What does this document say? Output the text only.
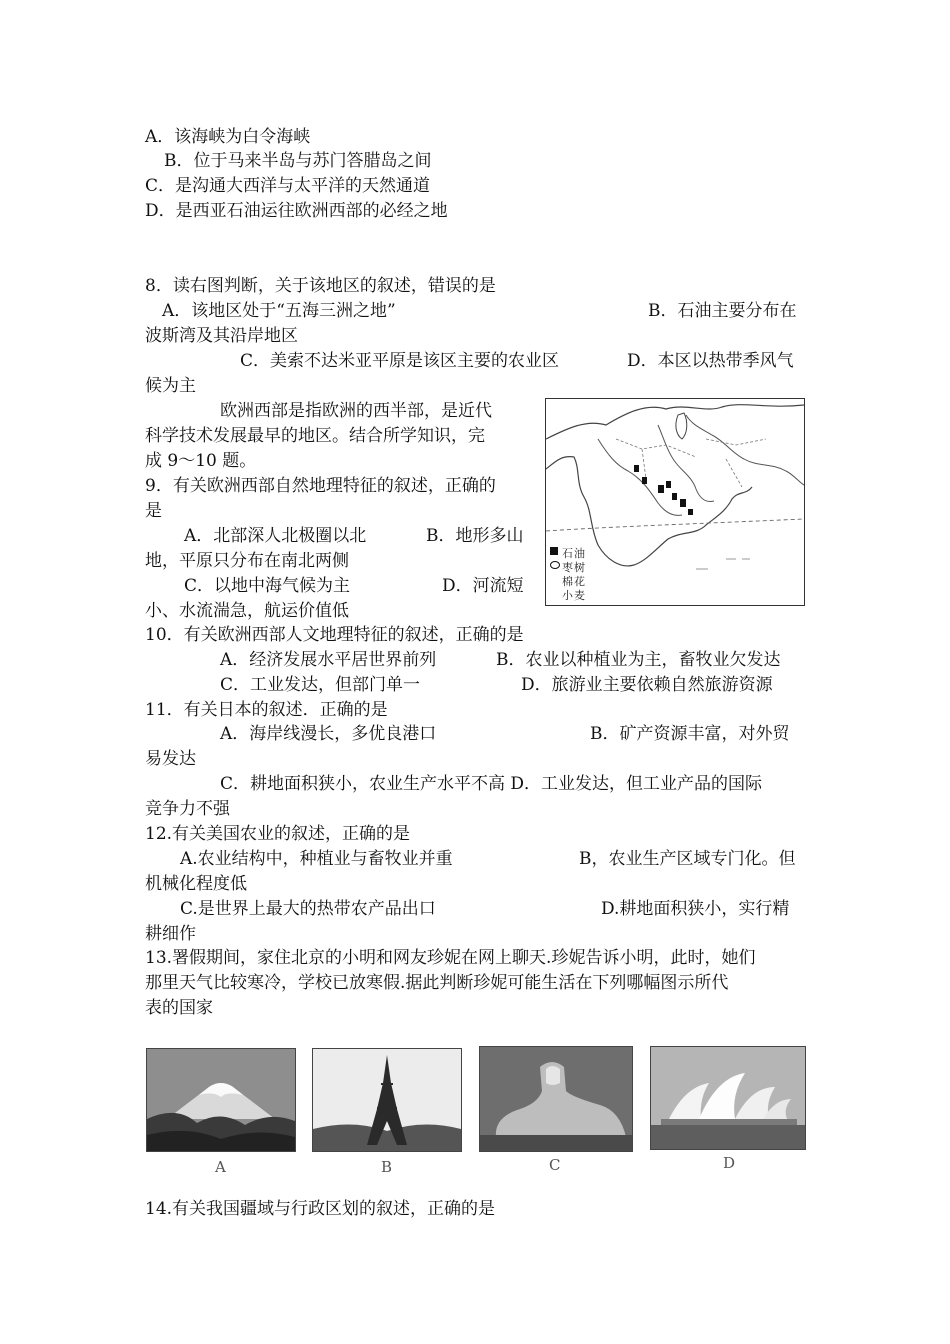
A．该海峡为白令海峡
B．位于马来半岛与苏门答腊岛之间
C．是沟通大西洋与太平洋的天然通道
D．是西亚石油运往欧洲西部的必经之地
8．读右图判断，关于该地区的叙述，错误的是
A．该地区处于“五海三洲之地”	B．石油主要分布在
波斯湾及其沿岸地区
C．美索不达米亚平原是该区主要的农业区	D．本区以热带季风气
候为主
石 油
枣 树
棉 花
小 麦
欧洲西部是指欧洲的西半部，是近代
科学技术发展最早的地区。结合所学知识，完
成 9～10 题。
9．有关欧洲西部自然地理特征的叙述，正确的
是
A．北部深人北极圈以北	B．地形多山
地，平原只分布在南北两侧
C．以地中海气候为主	D．河流短
小、水流湍急，航运价值低
10．有关欧洲西部人文地理特征的叙述，正确的是
A．经济发展水平居世界前列	B．农业以种植业为主，畜牧业欠发达
C．工业发达，但部门单一	D．旅游业主要依赖自然旅游资源
11．有关日本的叙述．正确的是
A．海岸线漫长，多优良港口	B．矿产资源丰富，对外贸
易发达
C．耕地面积狭小，农业生产水平不高 D．工业发达，但工业产品的国际
竞争力不强
12.有关美国农业的叙述，正确的是
A.农业结构中，种植业与畜牧业并重	B，农业生产区域专门化。但
机械化程度低
C.是世界上最大的热带农产品出口	D.耕地面积狭小，实行精
耕细作
13.署假期间，家住北京的小明和网友珍妮在网上聊天.珍妮告诉小明，此时，她们
那里天气比较寒冷，学校已放寒假.据此判断珍妮可能生活在下列哪幅图示所代
表的国家
A	B	C	D
14.有关我国疆域与行政区划的叙述，正确的是
